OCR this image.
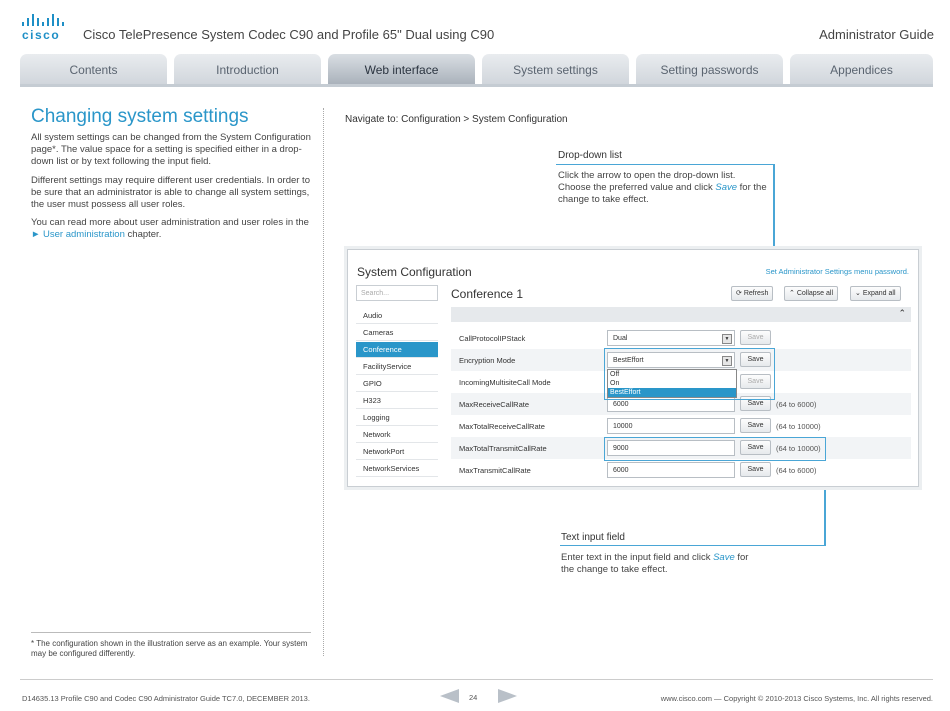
cisco Cisco TelePresence System Codec C90 and Profile 65" Dual using C90	Administrator Guide
Contents	Introduction	Web interface	System settings	Setting passwords	Appendices
Changing system settings
All system settings can be changed from the System Configuration page*. The value space for a setting is specified either in a drop-down list or by text following the input field.
Different settings may require different user credentials. In order to be sure that an administrator is able to change all system settings, the user must possess all user roles.
You can read more about user administration and user roles in the ► User administration chapter.
* The configuration shown in the illustration serve as an example. Your system may be configured differently.
Navigate to: Configuration > System Configuration
Drop-down list
Click the arrow to open the drop-down list. Choose the preferred value and click Save for the change to take effect.
Text input field
Enter text in the input field and click Save for the change to take effect.
System Configuration	Set Administrator Settings menu password.
Search...
Audio
Cameras
Conference
FacilityService
GPIO
H323
Logging
Network
NetworkPort
NetworkServices
Conference 1	⟳ Refresh	⌃ Collapse all	⌄ Expand all
⌃
CallProtocolIPStack	Dual	▼	Save
Encryption Mode	BestEffort	▼	Save
IncomingMultisiteCall Mode	Save
MaxReceiveCallRate	6000	Save	(64 to 6000)
MaxTotalReceiveCallRate	10000	Save	(64 to 10000)
MaxTotalTransmitCallRate	9000	Save	(64 to 10000)
MaxTransmitCallRate	6000	Save	(64 to 6000)
Off
On
BestEffort
D14635.13 Profile C90 and Codec C90 Administrator Guide TC7.0, DECEMBER 2013.	24	www.cisco.com — Copyright © 2010-2013 Cisco Systems, Inc. All rights reserved.
